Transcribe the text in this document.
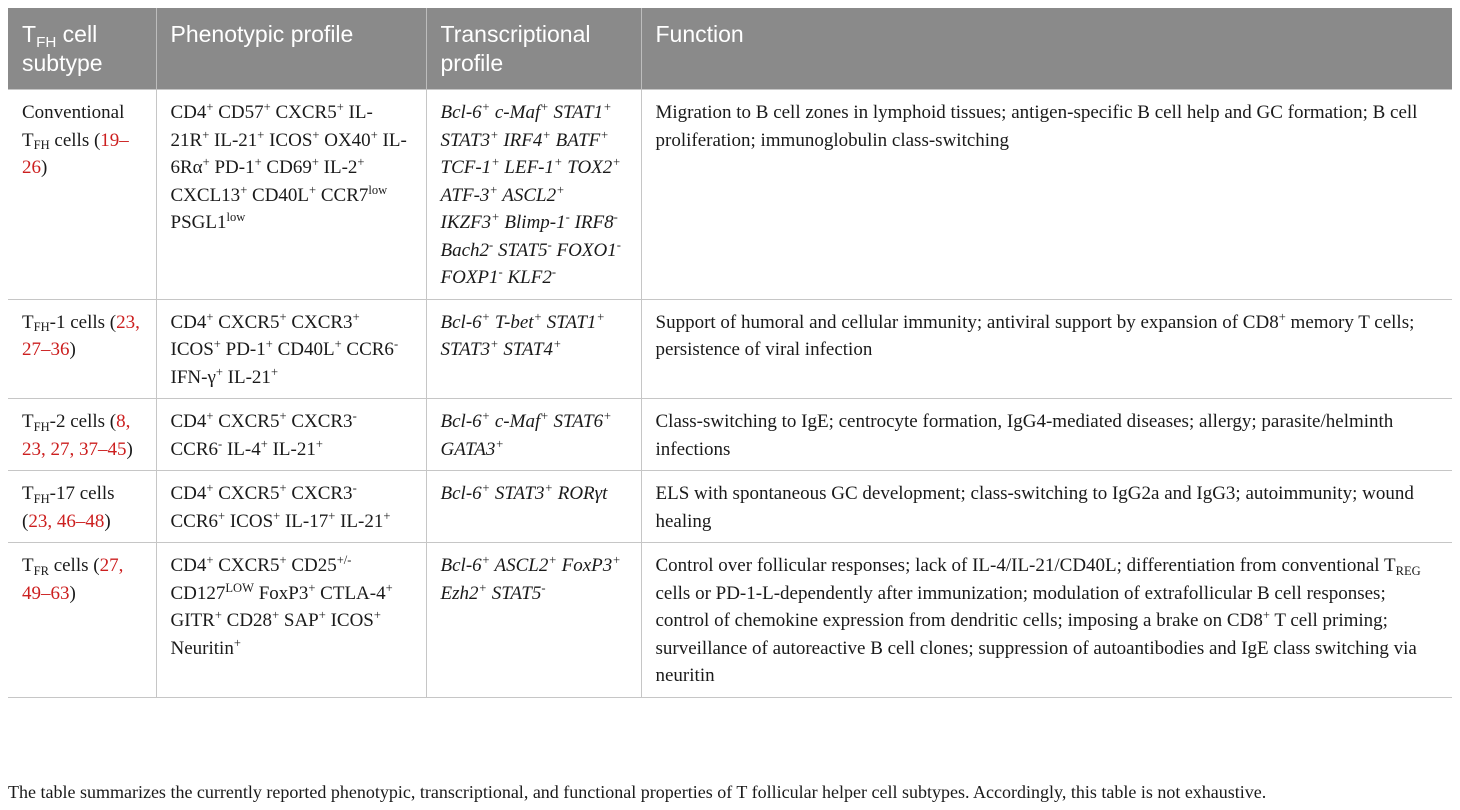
$T_{FH}$ cell subtype	Phenotypic profile	Transcriptional profile	Function
Conventional $T_{FH}$ cells (19–26)	CD4+ CD57+ CXCR5+ IL-21R+ IL-21+ ICOS+ OX40+ IL-6Rα+ PD-1+ CD69+ IL-2+ CXCL13+ CD40L+ $CCR7^{low}$ $PSGL1^{low}$	Bcl-6+ c-Maf+ STAT1+ STAT3+ IRF4+ BATF+ TCF-1+ LEF-1+ TOX2+ ATF-3+ ASCL2+ IKZF3+ Blimp-1- IRF8- Bach2- STAT5- FOXO1- FOXP1- KLF2-	Migration to B cell zones in lymphoid tissues; antigen-specific B cell help and GC formation; B cell proliferation; immunoglobulin class-switching
$T_{FH}-1$ cells (23, 27–36)	CD4+ CXCR5+ CXCR3+ ICOS+ PD-1+ CD40L+ CCR6- IFN-γ+ IL-21+	Bcl-6+ T-bet+ STAT1+ STAT3+ STAT4+	Support of humoral and cellular immunity; antiviral support by expansion of CD8+ memory T cells; persistence of viral infection
$T_{FH}-2$ cells (8, 23, 27, 37–45)	CD4+ CXCR5+ CXCR3- CCR6- IL-4+ IL-21+	Bcl-6+ c-Maf+ STAT6+ GATA3+	Class-switching to IgE; centrocyte formation, IgG4-mediated diseases; allergy; parasite/helminth infections
$T_{FH}-17$ cells (23, 46–48)	CD4+ CXCR5+ CXCR3- CCR6+ ICOS+ IL-17+ IL-21+	Bcl-6+ STAT3+ RORγt	ELS with spontaneous GC development; class-switching to IgG2a and IgG3; autoimmunity; wound healing
$T_{FR}$ cells (27, 49–63)	CD4+ CXCR5+ CD25+/- $CD127^{LOW}$ FoxP3+ CTLA-4+ GITR+ CD28+ SAP+ ICOS+ Neuritin+	Bcl-6+ ASCL2+ FoxP3+ Ezh2+ STAT5-	Control over follicular responses; lack of IL-4/IL-21/CD40L; differentiation from conventional $T_{REG}$ cells or PD-1-L-dependently after immunization; modulation of extrafollicular B cell responses; control of chemokine expression from dendritic cells; imposing a brake on CD8+ T cell priming; surveillance of autoreactive B cell clones; suppression of autoantibodies and IgE class switching via neuritin

The table summarizes the currently reported phenotypic, transcriptional, and functional properties of T follicular helper cell subtypes. Accordingly, this table is not exhaustive.
